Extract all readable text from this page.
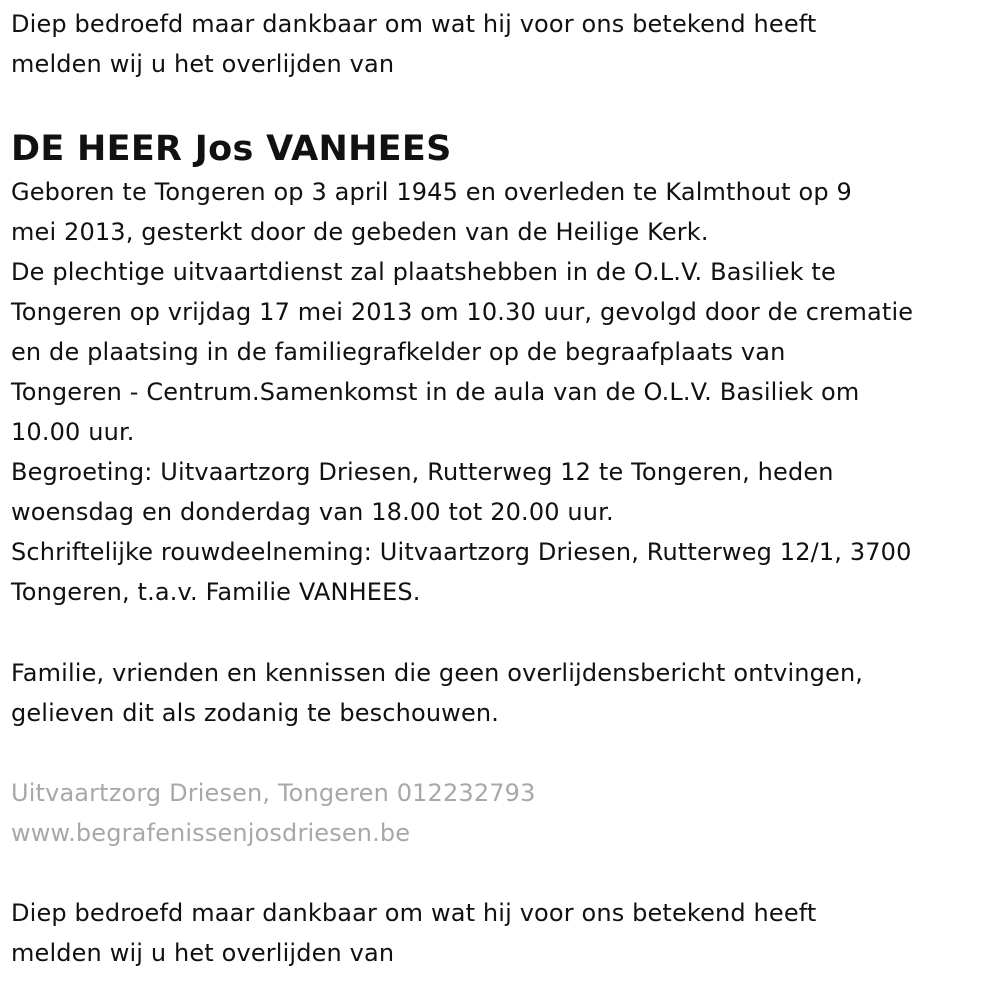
Diep bedroefd maar dankbaar om wat hij voor ons betekend heeft
melden wij u het overlijden van

DE HEER Jos VANHEES

Geboren te Tongeren op 3 april 1945 en overleden te Kalmthout op 9
mei 2013, gesterkt door de gebeden van de Heilige Kerk.
De plechtige uitvaartdienst zal plaatshebben in de O.L.V. Basiliek te
Tongeren op vrijdag 17 mei 2013 om 10.30 uur, gevolgd door de crematie
en de plaatsing in de familiegrafkelder op de begraafplaats van
Tongeren - Centrum.Samenkomst in de aula van de O.L.V. Basiliek om
10.00 uur.
Begroeting: Uitvaartzorg Driesen, Rutterweg 12 te Tongeren, heden
woensdag en donderdag van 18.00 tot 20.00 uur.
Schriftelijke rouwdeelneming: Uitvaartzorg Driesen, Rutterweg 12/1, 3700
Tongeren, t.a.v. Familie VANHEES.

Familie, vrienden en kennissen die geen overlijdensbericht ontvingen,
gelieven dit als zodanig te beschouwen.

Uitvaartzorg Driesen, Tongeren 012232793
www.begrafenissenjosdriesen.be

Diep bedroefd maar dankbaar om wat hij voor ons betekend heeft
melden wij u het overlijden van
